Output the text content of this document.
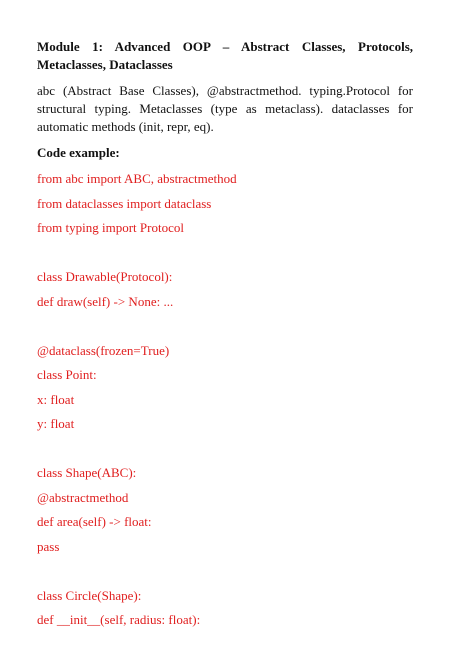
Module 1: Advanced OOP – Abstract Classes, Protocols, Metaclasses, Dataclasses

abc (Abstract Base Classes), @abstractmethod. typing.Protocol for structural typing. Metaclasses (type as metaclass). dataclasses for automatic methods (init, repr, eq).

Code example:

from abc import ABC, abstractmethod

from dataclasses import dataclass

from typing import Protocol

class Drawable(Protocol):

def draw(self) -> None: ...

@dataclass(frozen=True)

class Point:

x: float

y: float

class Shape(ABC):

@abstractmethod

def area(self) -> float:

pass

class Circle(Shape):

def __init__(self, radius: float):
